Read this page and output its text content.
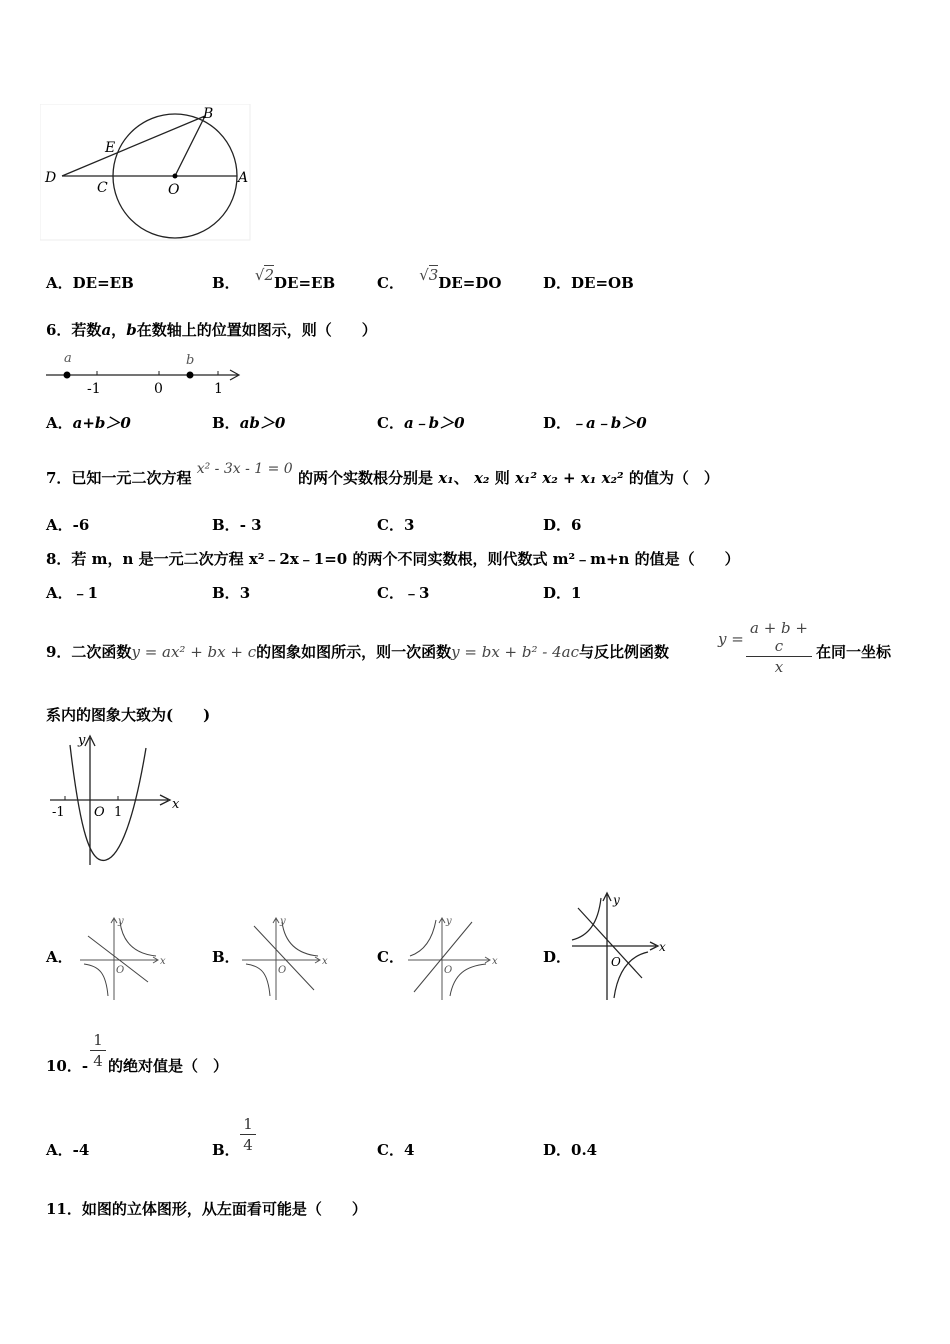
B
E
D
C	O
A
A．DE=EB	B． √2DE=EB	C． √3DE=DO	D．DE=OB
6．若数a，b在数轴上的位置如图示，则（　　）
a	b
-1	0	1
A．a+b＞0	B．ab＞0	C．a﹣b＞0	D．﹣a﹣b＞0
7．已知一元二次方程 x² - 3x - 1 = 0 的两个实数根分别是 x₁、 x₂ 则 x₁² x₂ + x₁ x₂² 的值为（　）
A．-6	B．- 3	C．3	D．6
8．若 m，n 是一元二次方程 x²﹣2x﹣1=0 的两个不同实数根，则代数式 m²﹣m+n 的值是（　　）
A．﹣1	B．3	C．﹣3	D．1
9．二次函数y = ax² + bx + c的图象如图所示，则一次函数y = bx + b² - 4ac与反比例函数
y =
a + b + c
x
在同一坐标
系内的图象大致为(　　)
y
x
-1 O 1
A．
y
x
O
B．
y
x
O
C．
y
x
O
D．
y
x
O
10．-
1
4 的绝对值是（　）
A．-4	B．
1
4	C．4	D．0.4
11．如图的立体图形，从左面看可能是（　　）
